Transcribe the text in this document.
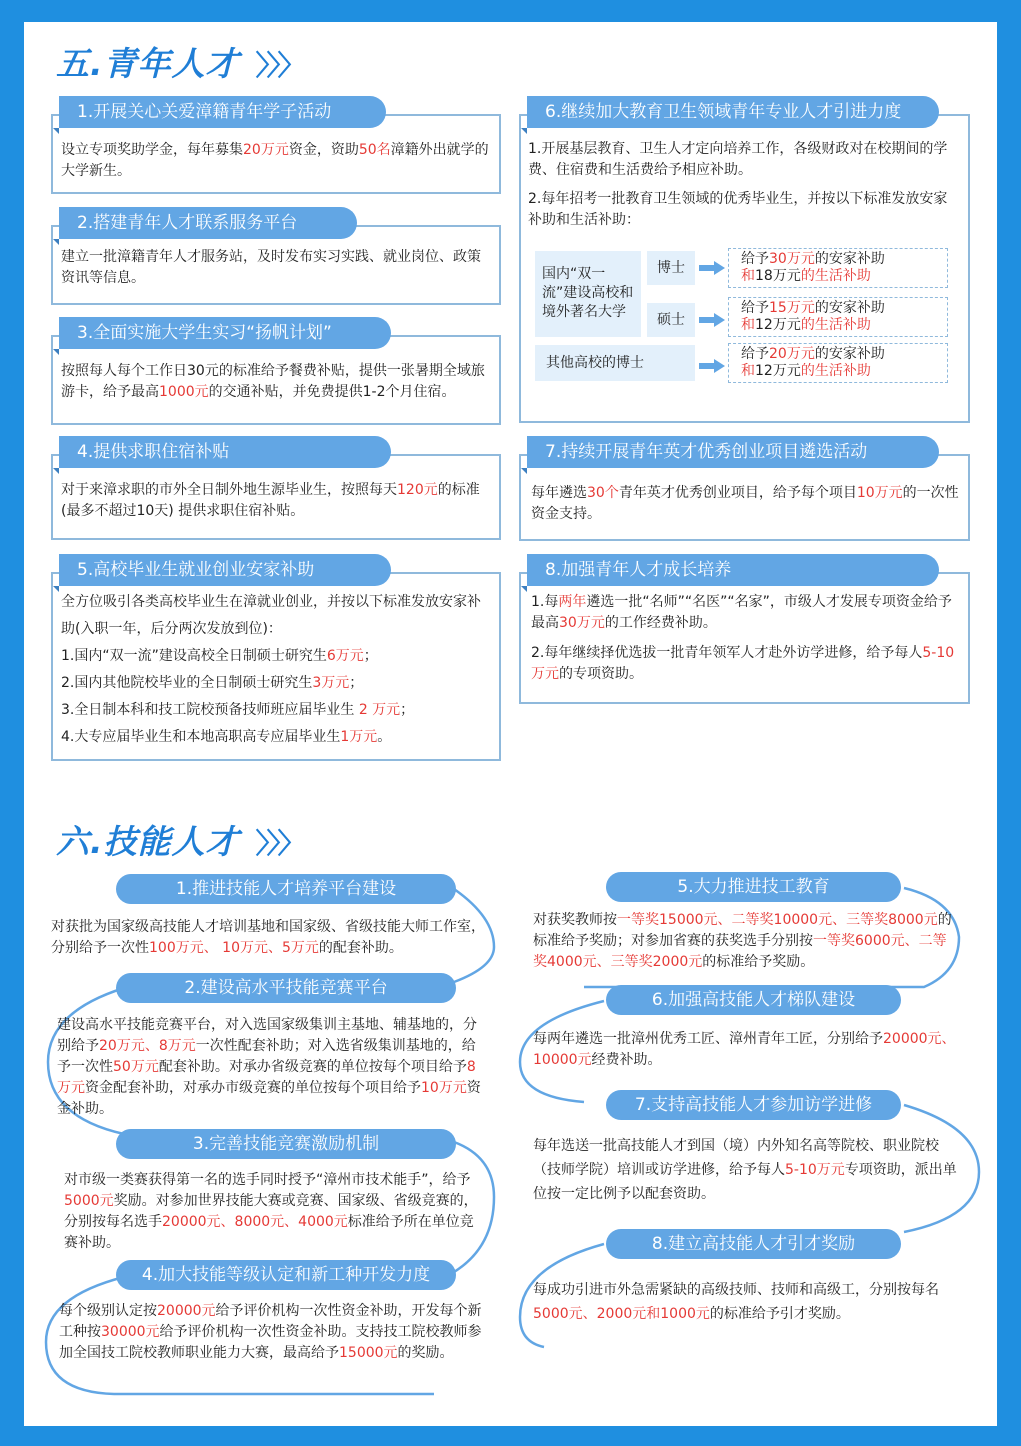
五.青年人才 〉〉〉
1.开展关心关爱漳籍青年学子活动
设立专项奖助学金，每年募集20万元资金，资助50名漳籍外出就学的大学新生。
2.搭建青年人才联系服务平台
建立一批漳籍青年人才服务站，及时发布实习实践、就业岗位、政策资讯等信息。
3.全面实施大学生实习“扬帆计划”
按照每人每个工作日30元的标准给予餐费补贴，提供一张暑期全域旅游卡，给予最高1000元的交通补贴，并免费提供1-2个月住宿。
4.提供求职住宿补贴
对于来漳求职的市外全日制外地生源毕业生，按照每天120元的标准(最多不超过10天) 提供求职住宿补贴。
5.高校毕业生就业创业安家补助

全方位吸引各类高校毕业生在漳就业创业，并按以下标准发放安家补助(入职一年，后分两次发放到位)：

1.国内“双一流”建设高校全日制硕士研究生6万元；

2.国内其他院校毕业的全日制硕士研究生3万元；

3.全日制本科和技工院校预备技师班应届毕业生 2 万元；

4.大专应届毕业生和本地高职高专应届毕业生1万元。

6.继续加大教育卫生领域青年专业人才引进力度

1.开展基层教育、卫生人才定向培养工作，各级财政对在校期间的学费、住宿费和生活费给予相应补助。

2.每年招考一批教育卫生领域的优秀毕业生，并按以下标准发放安家补助和生活补助：

国内“双一流”建设高校和境外著名大学
博士
硕士
其他高校的博士
给予30万元的安家补助
和18万元的生活补助
给予15万元的安家补助
和12万元的生活补助
给予20万元的安家补助
和12万元的生活补助
7.持续开展青年英才优秀创业项目遴选活动
每年遴选30个青年英才优秀创业项目，给予每个项目10万元的一次性资金支持。
8.加强青年人才成长培养

1.每两年遴选一批“名师”“名医”“名家”，市级人才发展专项资金给予最高30万元的工作经费补助。

2.每年继续择优选拔一批青年领军人才赴外访学进修，给予每人5-10万元的专项资助。

六.技能人才 〉〉〉
1.推进技能人才培养平台建设
对获批为国家级高技能人才培训基地和国家级、省级技能大师工作室，分别给予一次性100万元、 10万元、5万元的配套补助。
2.建设高水平技能竞赛平台
建设高水平技能竞赛平台，对入选国家级集训主基地、辅基地的，分别给予20万元、8万元一次性配套补助；对入选省级集训基地的，给予一次性50万元配套补助。对承办省级竞赛的单位按每个项目给予8万元资金配套补助，对承办市级竞赛的单位按每个项目给予10万元资金补助。
3.完善技能竞赛激励机制
对市级一类赛获得第一名的选手同时授予“漳州市技术能手”，给予5000元奖励。对参加世界技能大赛或竞赛、国家级、省级竞赛的，分别按每名选手20000元、8000元、4000元标准给予所在单位竞赛补助。
4.加大技能等级认定和新工种开发力度
每个级别认定按20000元给予评价机构一次性资金补助，开发每个新工种按30000元给予评价机构一次性资金补助。支持技工院校教师参加全国技工院校教师职业能力大赛，最高给予15000元的奖励。
5.大力推进技工教育
对获奖教师按一等奖15000元、二等奖10000元、三等奖8000元的标准给予奖励；对参加省赛的获奖选手分别按一等奖6000元、二等奖4000元、三等奖2000元的标准给予奖励。
6.加强高技能人才梯队建设
每两年遴选一批漳州优秀工匠、漳州青年工匠，分别给予20000元、10000元经费补助。
7.支持高技能人才参加访学进修
每年选送一批高技能人才到国（境）内外知名高等院校、职业院校（技师学院）培训或访学进修，给予每人5-10万元专项资助，派出单位按一定比例予以配套资助。
8.建立高技能人才引才奖励
每成功引进市外急需紧缺的高级技师、技师和高级工，分别按每名5000元、2000元和1000元的标准给予引才奖励。
